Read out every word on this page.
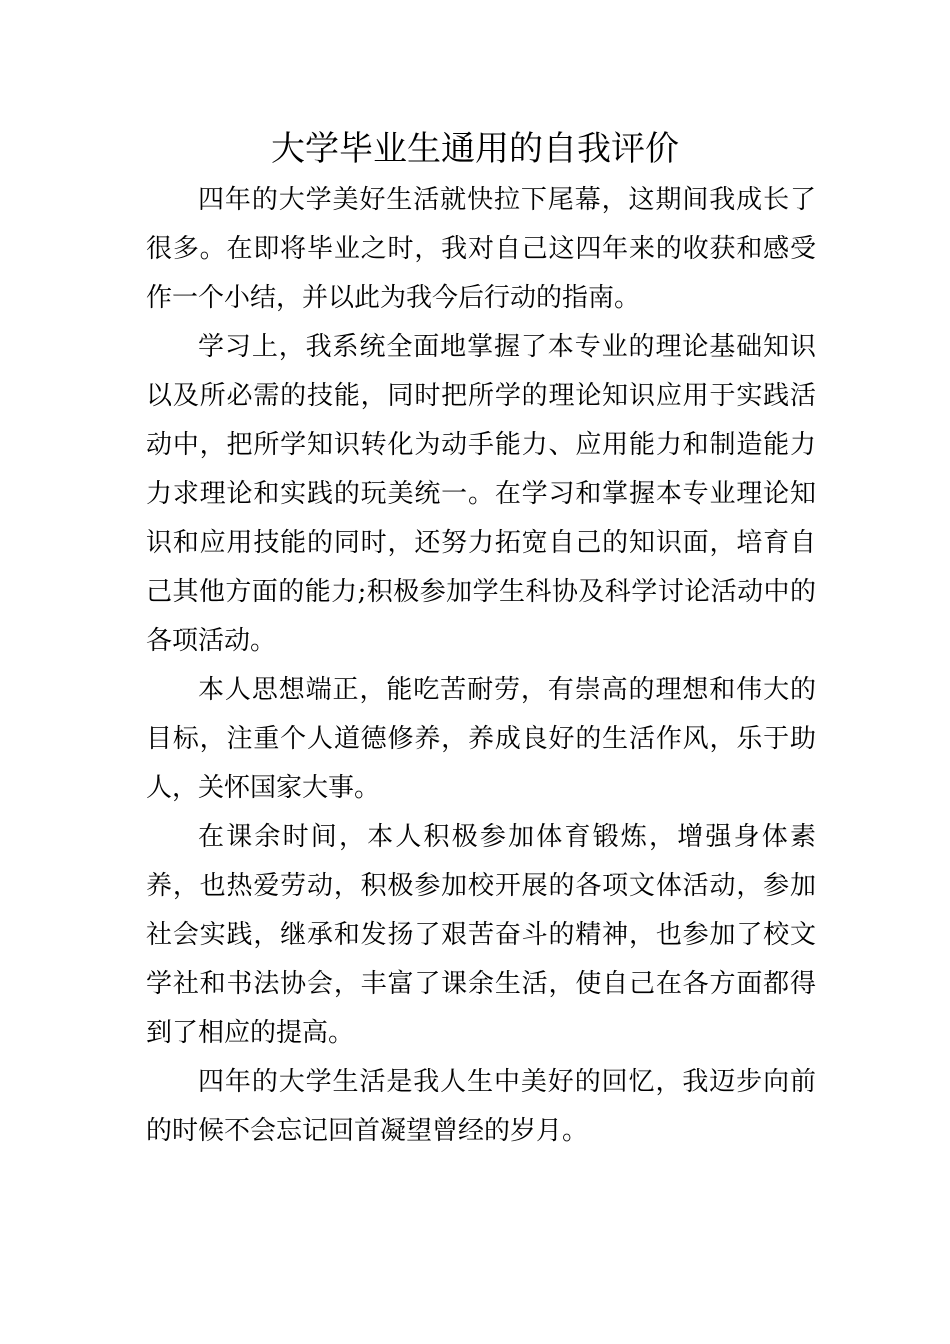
大学毕业生通用的自我评价

四年的大学美好生活就快拉下尾幕，这期间我成长了很多。在即将毕业之时，我对自己这四年来的收获和感受作一个小结，并以此为我今后行动的指南。

学习上，我系统全面地掌握了本专业的理论基础知识以及所必需的技能，同时把所学的理论知识应用于实践活动中，把所学知识转化为动手能力、应用能力和制造能力力求理论和实践的玩美统一。在学习和掌握本专业理论知识和应用技能的同时，还努力拓宽自己的知识面，培育自己其他方面的能力;积极参加学生科协及科学讨论活动中的各项活动。

本人思想端正，能吃苦耐劳，有崇高的理想和伟大的目标，注重个人道德修养，养成良好的生活作风，乐于助人，关怀国家大事。

在课余时间，本人积极参加体育锻炼，增强身体素养，也热爱劳动，积极参加校开展的各项文体活动，参加社会实践，继承和发扬了艰苦奋斗的精神，也参加了校文学社和书法协会，丰富了课余生活，使自己在各方面都得到了相应的提高。

四年的大学生活是我人生中美好的回忆，我迈步向前的时候不会忘记回首凝望曾经的岁月。
